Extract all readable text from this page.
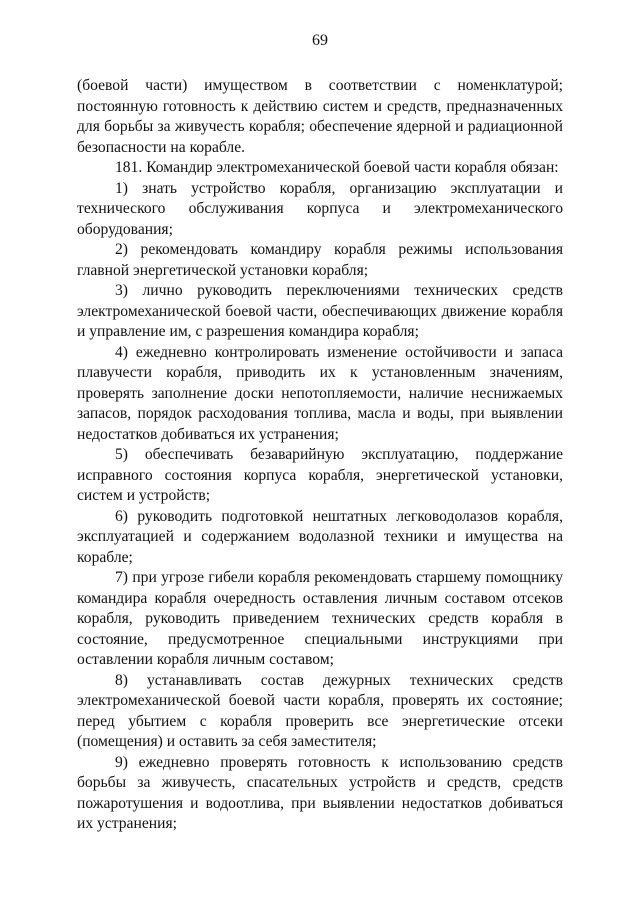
69

(боевой части) имуществом в соответствии с номенклатурой; постоянную готовность к действию систем и средств, предназначенных для борьбы за живучесть корабля; обеспечение ядерной и радиационной безопасности на корабле.

181. Командир электромеханической боевой части корабля обязан:

1) знать устройство корабля, организацию эксплуатации и технического обслуживания корпуса и электромеханического оборудования;

2) рекомендовать командиру корабля режимы использования главной энергетической установки корабля;

3) лично руководить переключениями технических средств электромеханической боевой части, обеспечивающих движение корабля и управление им, с разрешения командира корабля;

4) ежедневно контролировать изменение остойчивости и запаса плавучести корабля, приводить их к установленным значениям, проверять заполнение доски непотопляемости, наличие неснижаемых запасов, порядок расходования топлива, масла и воды, при выявлении недостатков добиваться их устранения;

5) обеспечивать безаварийную эксплуатацию, поддержание исправного состояния корпуса корабля, энергетической установки, систем и устройств;

6) руководить подготовкой нештатных легководолазов корабля, эксплуатацией и содержанием водолазной техники и имущества на корабле;

7) при угрозе гибели корабля рекомендовать старшему помощнику командира корабля очередность оставления личным составом отсеков корабля, руководить приведением технических средств корабля в состояние, предусмотренное специальными инструкциями при оставлении корабля личным составом;

8) устанавливать состав дежурных технических средств электромеханической боевой части корабля, проверять их состояние; перед убытием с корабля проверить все энергетические отсеки (помещения) и оставить за себя заместителя;

9) ежедневно проверять готовность к использованию средств борьбы за живучесть, спасательных устройств и средств, средств пожаротушения и водоотлива, при выявлении недостатков добиваться их устранения;
